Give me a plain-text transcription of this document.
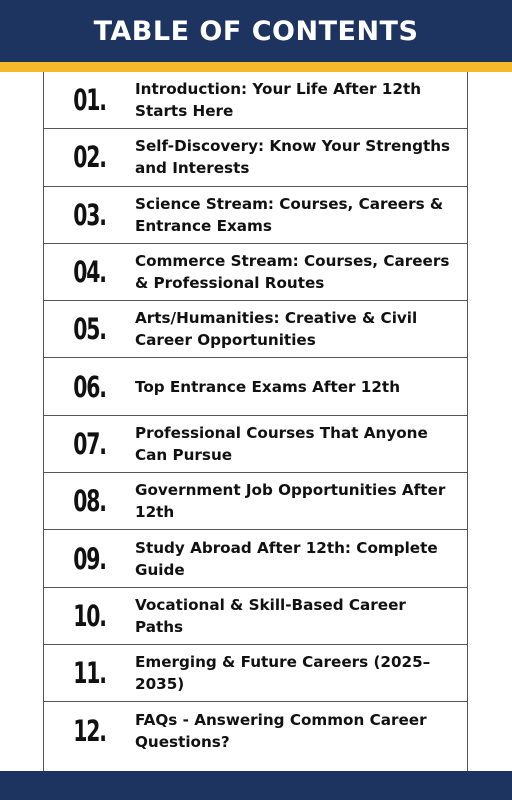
TABLE OF CONTENTS
01.	Introduction: Your Life After 12th Starts Here
02.	Self-Discovery: Know Your Strengths and Interests
03.	Science Stream: Courses, Careers & Entrance Exams
04.	Commerce Stream: Courses, Careers & Professional Routes
05.	Arts/Humanities: Creative & Civil Career Opportunities
06.	Top Entrance Exams After 12th
07.	Professional Courses That Anyone Can Pursue
08.	Government Job Opportunities After 12th
09.	Study Abroad After 12th: Complete Guide
10.	Vocational & Skill-Based Career Paths
11.	Emerging & Future Careers (2025–2035)
12.	FAQs - Answering Common Career Questions?
